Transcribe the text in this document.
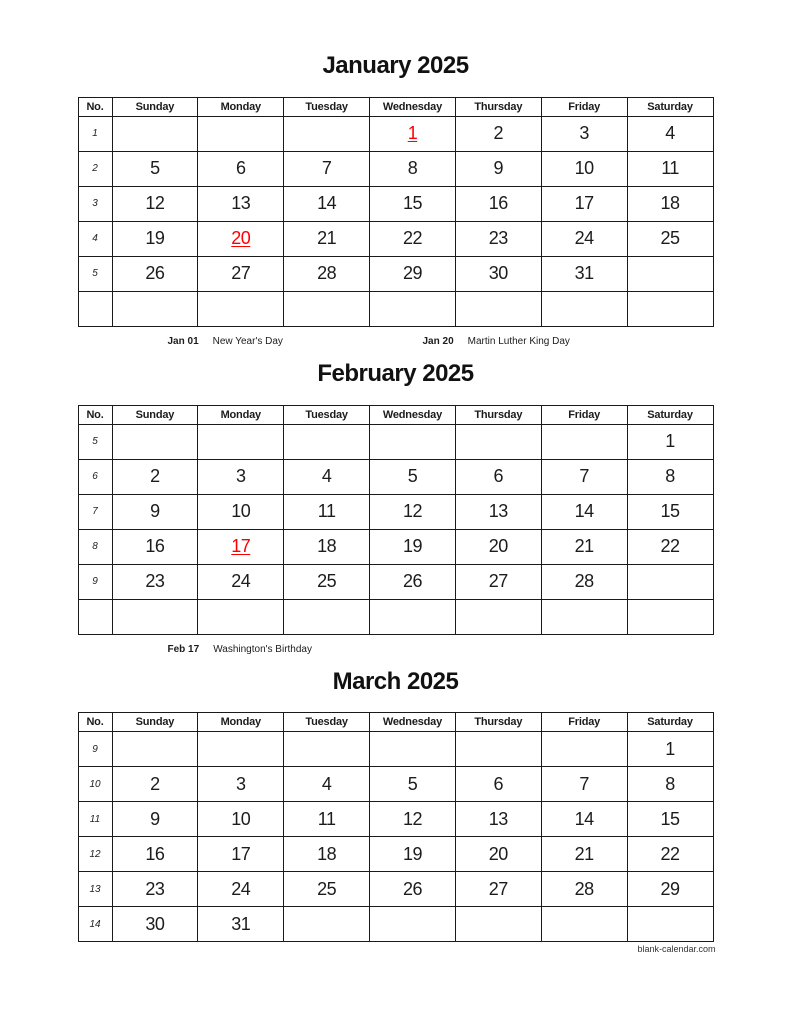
January 2025
No.	Sunday	Monday	Tuesday	Wednesday	Thursday	Friday	Saturday
1				1	2	3	4
2	5	6	7	8	9	10	11
3	12	13	14	15	16	17	18
4	19	20	21	22	23	24	25
5	26	27	28	29	30	31	

Jan 01 New Year's Day	Jan 20 Martin Luther King Day
February 2025
No.	Sunday	Monday	Tuesday	Wednesday	Thursday	Friday	Saturday
5							1
6	2	3	4	5	6	7	8
7	9	10	11	12	13	14	15
8	16	17	18	19	20	21	22
9	23	24	25	26	27	28	

Feb 17 Washington's Birthday
March 2025
No.	Sunday	Monday	Tuesday	Wednesday	Thursday	Friday	Saturday
9							1
10	2	3	4	5	6	7	8
11	9	10	11	12	13	14	15
12	16	17	18	19	20	21	22
13	23	24	25	26	27	28	29
14	30	31					
blank-calendar.com
